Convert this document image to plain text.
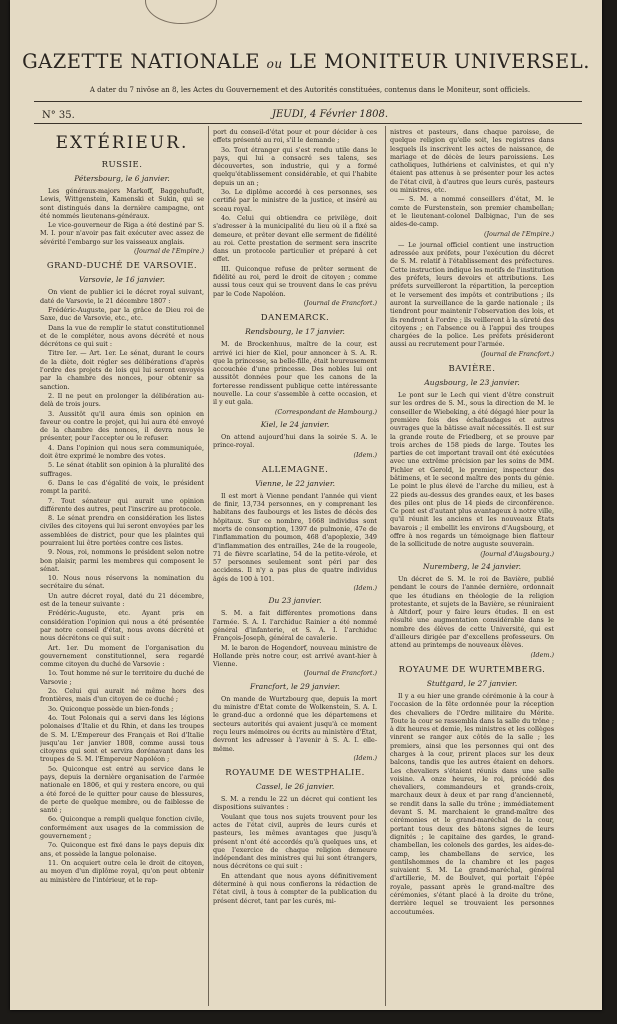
GAZETTE NATIONALE ou LE MONITEUR UNIVERSEL.
A dater du 7 nivôse an 8, les Actes du Gouvernement et des Autorités constituées, contenus dans le Moniteur, sont officiels.
N° 35.	JEUDI, 4 Février 1808.
EXTÉRIEUR.
RUSSIE.
Pétersbourg, le 6 janvier.

Les généraux-majors Markoff, Baggehufudt, Lewis, Wittgenstein, Kamenski et Sukin, qui se sont distingués dans la dernière campagne, ont été nommés lieutenans-généraux.

Le vice-gouverneur de Riga a été destiné par S. M. I. pour n'avoir pas fait exécuter avec assez de sévérité l'embargo sur les vaisseaux anglais.

(Journal de l'Empire.)
GRAND-DUCHÉ DE VARSOVIE.
Varsovie, le 16 janvier.

On vient de publier ici le décret royal suivant, daté de Varsovie, le 21 décembre 1807 :

Frédéric-Auguste, par la grâce de Dieu roi de Saxe, duc de Varsovie, etc., etc.

Dans la vue de remplir le statut constitutionnel et de le compléter, nous avons décrété et nous décrétons ce qui suit :

Titre Ier. — Art. 1er. Le sénat, durant le cours de la diète, doit régler ses délibérations d'après l'ordre des projets de lois qui lui seront envoyés par la chambre des nonces, pour obtenir sa sanction.

2. Il ne peut en prolonger la délibération au-delà de trois jours.

3. Aussitôt qu'il aura émis son opinion en faveur ou contre le projet, qui lui aura été envoyé de la chambre des nonces, il devra nous le présenter, pour l'accepter ou le refuser.

4. Dans l'opinion qui nous sera communiquée, doit être exprimé le nombre des votes.

5. Le sénat établit son opinion à la pluralité des suffrages.

6. Dans le cas d'égalité de voix, le président rompt la parité.

7. Tout sénateur qui aurait une opinion différente des autres, peut l'inscrire au protocole.

8. Le sénat prendra en considération les listes civiles des citoyens qui lui seront envoyées par les assemblées de district, pour que les plaintes qui pourraient lui être portées contre ces listes.

9. Nous, roi, nommons le président selon notre bon plaisir, parmi les membres qui composent le sénat.

10. Nous nous réservons la nomination du secrétaire du sénat.

Un autre décret royal, daté du 21 décembre, est de la teneur suivante :

Frédéric-Auguste, etc. Ayant pris en considération l'opinion qui nous a été présentée par notre conseil d'état, nous avons décrété et nous décrétons ce qui suit :

Art. 1er. Du moment de l'organisation du gouvernement constitutionnel, sera regardé comme citoyen du duché de Varsovie :

1o. Tout homme né sur le territoire du duché de Varsovie ;

2o. Celui qui aurait né même hors des frontières, mais d'un citoyen de ce duché ;

3o. Quiconque possède un bien-fonds ;

4o. Tout Polonais qui a servi dans les légions polonaises d'Italie et du Rhin, et dans les troupes de S. M. L'Empereur des Français et Roi d'Italie jusqu'au 1er janvier 1808, comme aussi tous citoyens qui sont et servira dorénavant dans les troupes de S. M. l'Empereur Napoléon ;

5o. Quiconque est entré au service dans le pays, depuis la dernière organisation de l'armée nationale en 1806, et qui y restera encore, ou qui a été forcé de le quitter pour cause de blessures, de perte de quelque membre, ou de faiblesse de santé ;

6o. Quiconque a rempli quelque fonction civile, conformément aux usages de la commission de gouvernement ;

7o. Quiconque est fixé dans le pays depuis dix ans, et possède la langue polonaise.

11. On acquiert outre cela le droit de citoyen, au moyen d'un diplôme royal, qu'on peut obtenir au ministère de l'intérieur, et le rap-

port du conseil-d'état pour et pour décider à ces effets présenté au roi, s'il le demande ;

3o. Tout étranger qui s'est rendu utile dans le pays, qui lui a consacré ses talens, ses découvertes, son industrie, qui y a formé quelqu'établissement considérable, et qui l'habite depuis un an ;

3o. Le diplôme accordé à ces personnes, ses certifié par le ministre de la justice, et inséré au sceau royal.

4o. Celui qui obtiendra ce privilège, doit s'adresser à la municipalité du lieu où il a fixé sa demeure, et prêter devant elle serment de fidélité au roi. Cette prestation de serment sera inscrite dans un protocole particulier et préparé à cet effet.

III. Quiconque refuse de prêter serment de fidélité au roi, perd le droit de citoyen ; comme aussi tous ceux qui se trouvent dans le cas prévu par le Code Napoléon.

(Journal de Francfort.)
DANEMARCK.
Rendsbourg, le 17 janvier.

M. de Brockenhuus, maître de la cour, est arrivé ici hier de Kiel, pour annoncer à S. A. R. que la princesse, sa belle-fille, était heureusement accouchée d'une princesse. Des nobles lui ont aussitôt données pour que les canons de la forteresse rendissent publique cette intéressante nouvelle. La cour s'assemble à cette occasion, et il y eut gala.

(Correspondant de Hambourg.)
Kiel, le 24 janvier.

On attend aujourd'hui dans la soirée S. A. le prince-royal.

(Idem.)
ALLEMAGNE.
Vienne, le 22 janvier.

Il est mort à Vienne pendant l'année qui vient de finir, 13,734 personnes, en y comprenant les habitans des faubourgs et les listes de décès des hôpitaux. Sur ce nombre, 1668 individus sont morts de consomption, 1397 de pulmonie, 47e de l'inflammation du poumon, 468 d'apoplexie, 349 d'inflammation des entrailles, 24e de la rougeole, 71 de fièvre scarlatine, 54 de la petite-vérole, et 57 personnes seulement sont péri par des accidens. Il n'y a pas plus de quatre individus âgés de 100 à 101.

(Idem.)
Du 23 janvier.

S. M. a fait différentes promotions dans l'armée. S. A. I. l'archiduc Rainier a été nommé général d'infanterie, et S. A. I. l'archiduc François-Joseph, général de cavalerie.

M. le baron de Hogendorf, nouveau ministre de Hollande près notre cour, est arrivé avant-hier à Vienne.

(Journal de Francfort.)
Francfort, le 29 janvier.

On mande de Wurtzbourg que, depuis la mort du ministre d'État comte de Wolkenstein, S. A. I. le grand-duc a ordonné que les départemens et secteurs autorités qui avaient jusqu'à ce moment reçu leurs mémoires ou écrits au ministère d'État, devront les adresser à l'avenir à S. A. I. elle-même.

(Idem.)
ROYAUME DE WESTPHALIE.
Cassel, le 26 janvier.

S. M. a rendu le 22 un décret qui contient les dispositions suivantes :

Voulant que tous nos sujets trouvent pour les actes de l'état civil, auprès de leurs curés et pasteurs, les mêmes avantages que jusqu'à présent n'ont été accordés qu'à quelques uns, et que l'exercice de chaque religion demeure indépendant des ministres qui lui sont étrangers, nous décrétons ce qui suit :

En attendant que nous ayons définitivement déterminé à qui nous confierons la rédaction de l'état civil, à tous à compter de la publication du présent décret, tant par les curés, mi-

nistres et pasteurs, dans chaque paroisse, de quelque religion qu'elle soit, les registres dans lesquels ils inscrivent les actes de naissance, de mariage et de décès de leurs paroissiens. Les catholiques, luthériens et calvinistes, et qui n'y étaient pas attenus à se présenter pour les actes de l'état civil, à d'autres que leurs curés, pasteurs ou ministres, etc.

— S. M. a nommé conseillers d'état, M. le comte de Furstenstein, son premier chambellan; et le lieutenant-colonel Dalbignac, l'un de ses aides-de-camp.

(Journal de l'Empire.)

— Le journal officiel contient une instruction adressée aux préfets, pour l'exécution du décret de S. M. relatif à l'établissement des préfectures. Cette instruction indique les motifs de l'institution des préfets, leurs devoirs et attributions. Les préfets surveilleront la répartition, la perception et le versement des impôts et contributions ; ils auront la surveillance de la garde nationale ; ils tiendront pour maintenir l'observation des lois, et ils rendront à l'ordre ; ils veilleront à la sûreté des citoyens ; en l'absence ou à l'appui des troupes chargées de la police. Les préfets présideront aussi au recrutement pour l'armée.

(Journal de Francfort.)
BAVIÈRE.
Augsbourg, le 23 janvier.

Le pont sur le Lech qui vient d'être construit sur les ordres de S. M., sous la direction de M. le conseiller de Wiebeking, a été dégagé hier pour la première fois des échafaudages et autres ouvrages que la bâtisse avait nécessités. Il est sur la grande route de Friedberg, et se prouve par trois arches de 158 pieds de large. Toutes les parties de cet important travail ont été exécutées avec une extrême précision par les soins de MM. Pichler et Gerold, le premier, inspecteur des bâtimens, et le second maître des ponts du génie. Le point le plus élevé de l'arche du milieu, est à 22 pieds au-dessus des grandes eaux, et les bases des piles ont plus de 14 pieds de circonférence. Ce pont est d'autant plus avantageux à notre ville, qu'il réunit les anciens et les nouveaux États bavarois ; il embellit les environs d'Augsbourg, et offre à nos regards un témoignage bien flatteur de la sollicitude de notre auguste souverain.

(Journal d'Augsbourg.)
Nuremberg, le 24 janvier.

Un décret de S. M. le roi de Bavière, publié pendant le cours de l'année dernière, ordonnait que les étudians en théologie de la religion protestante, et sujets de la Bavière, se réuniraient à Altdorf, pour y faire leurs études. Il en est résulté une augmentation considérable dans le nombre des élèves de cette Université, qui est d'ailleurs dirigée par d'excellens professeurs. On attend au printemps de nouveaux élèves.

(Idem.)
ROYAUME DE WURTEMBERG.
Stuttgard, le 27 janvier.

Il y a eu hier une grande cérémonie à la cour à l'occasion de la fête ordonnée pour la réception des chevaliers de l'Ordre militaire du Mérite. Toute la cour se rassembla dans la salle du trône ; à dix heures et demie, les ministres et les collèges vinrent se ranger aux côtés de la salle ; les premiers, ainsi que les personnes qui ont des charges à la cour, prirent places sur les deux balcons, tandis que les autres étaient en dehors. Les chevaliers s'étaient réunis dans une salle voisine. A onze heures, le roi, précédé des chevaliers, commandeurs et grands-croix, marchaux deux à deux et par rang d'ancienneté, se rendit dans la salle du trône ; immédiatement devant S. M. marchaient le grand-maître des cérémonies et le grand-maréchal de la cour, portant tous deux des bâtons signes de leurs dignités ; le capitaine des gardes, le grand-chambellan, les colonels des gardes, les aides-de-camp, les chambellans de service, les gentilshommes de la chambre et les pages suivaient S. M. Le grand-maréchal, général d'artillerie, M. de Boulvet, qui portait l'épée royale, passant après le grand-maître des cérémonies, s'étant placé à la droite du trône, derrière lequel se trouvaient les personnes accoutumées.
